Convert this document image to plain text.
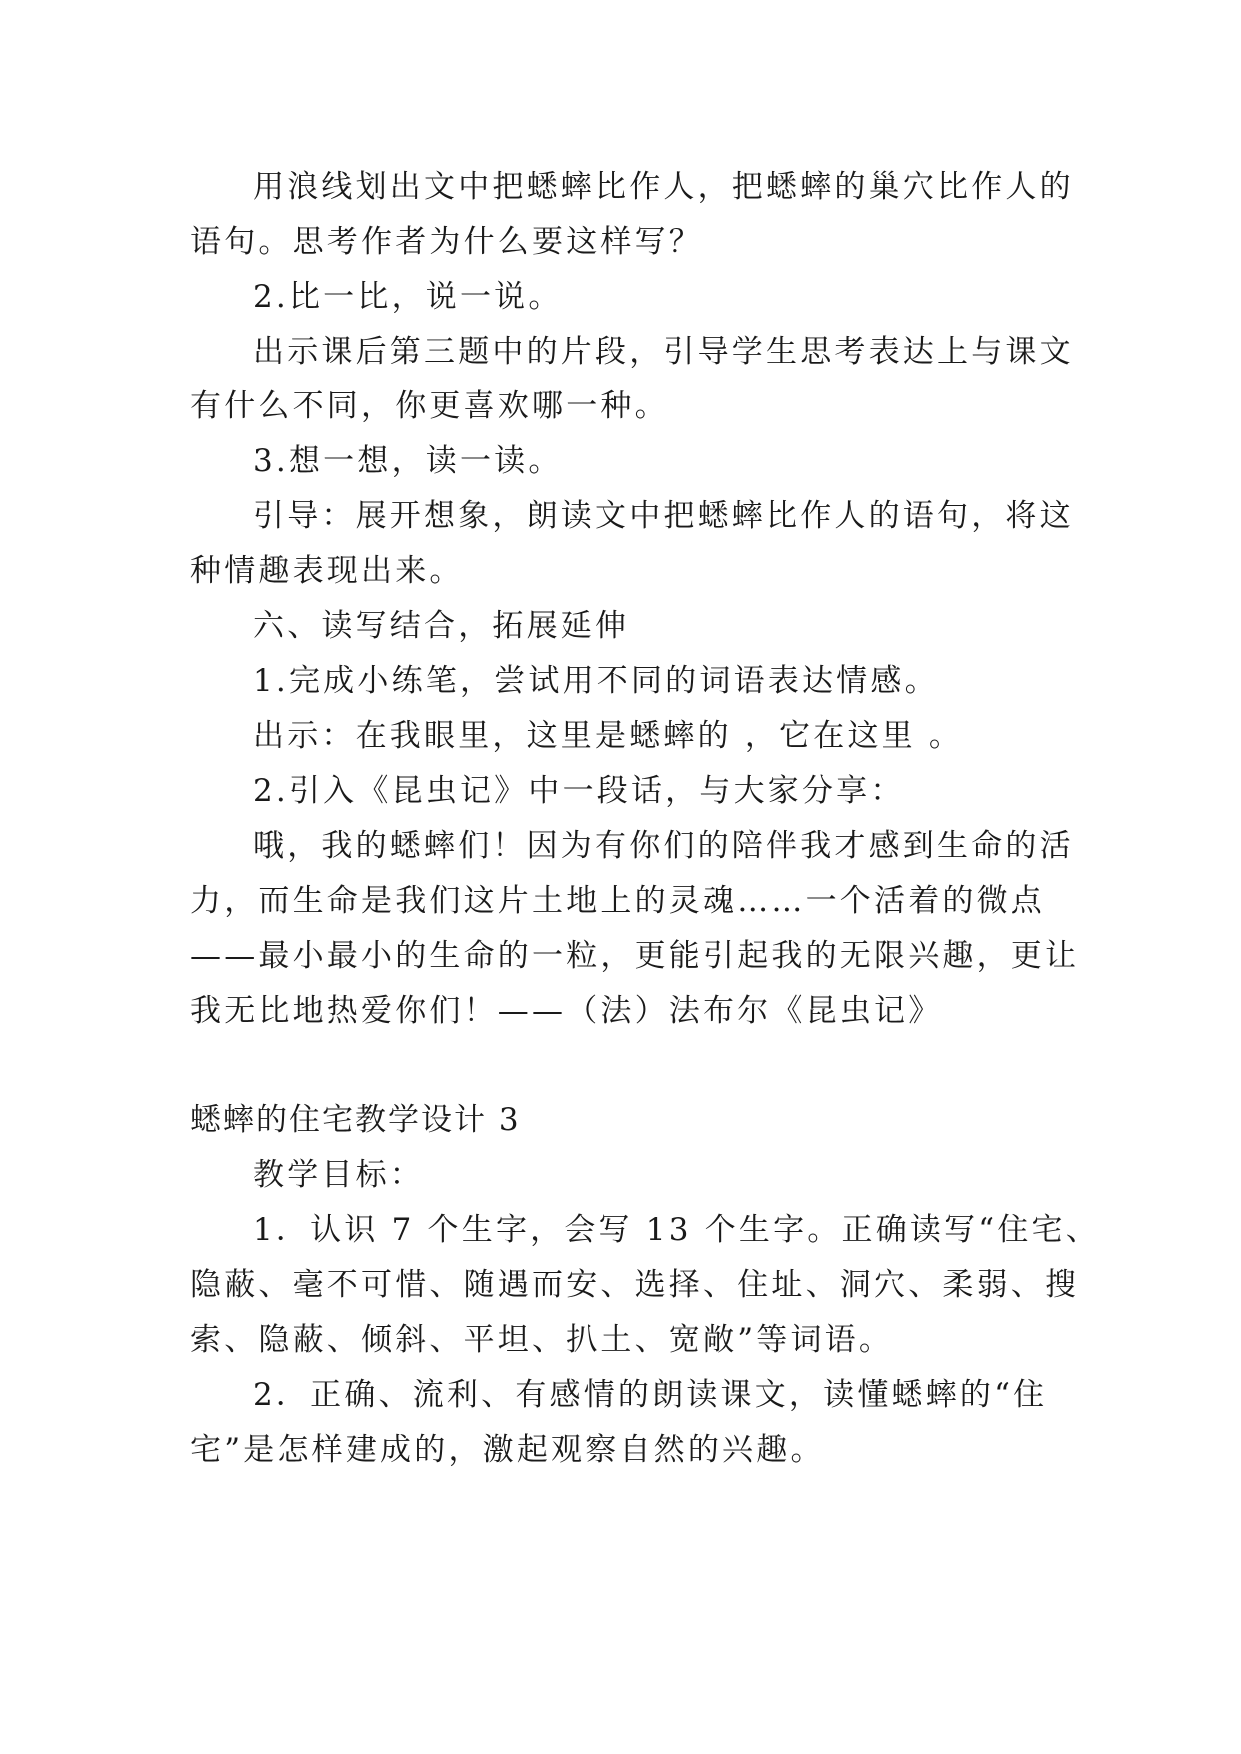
用浪线划出文中把蟋蟀比作人，把蟋蟀的巢穴比作人的
语句。思考作者为什么要这样写？
2.比一比，说一说。
出示课后第三题中的片段，引导学生思考表达上与课文
有什么不同，你更喜欢哪一种。
3.想一想，读一读。
引导：展开想象，朗读文中把蟋蟀比作人的语句，将这
种情趣表现出来。
六、读写结合，拓展延伸
1.完成小练笔，尝试用不同的词语表达情感。
出示：在我眼里，这里是蟋蟀的 ，它在这里 。
2.引入《昆虫记》中一段话，与大家分享：
哦，我的蟋蟀们！因为有你们的陪伴我才感到生命的活
力，而生命是我们这片土地上的灵魂……一个活着的微点
——最小最小的生命的一粒，更能引起我的无限兴趣，更让
我无比地热爱你们！——（法）法布尔《昆虫记》
蟋蟀的住宅教学设计 3
教学目标：
1．认识 7 个生字，会写 13 个生字。正确读写“住宅、
隐蔽、毫不可惜、随遇而安、选择、住址、洞穴、柔弱、搜
索、隐蔽、倾斜、平坦、扒土、宽敞”等词语。
2．正确、流利、有感情的朗读课文，读懂蟋蟀的“住
宅”是怎样建成的，激起观察自然的兴趣。
